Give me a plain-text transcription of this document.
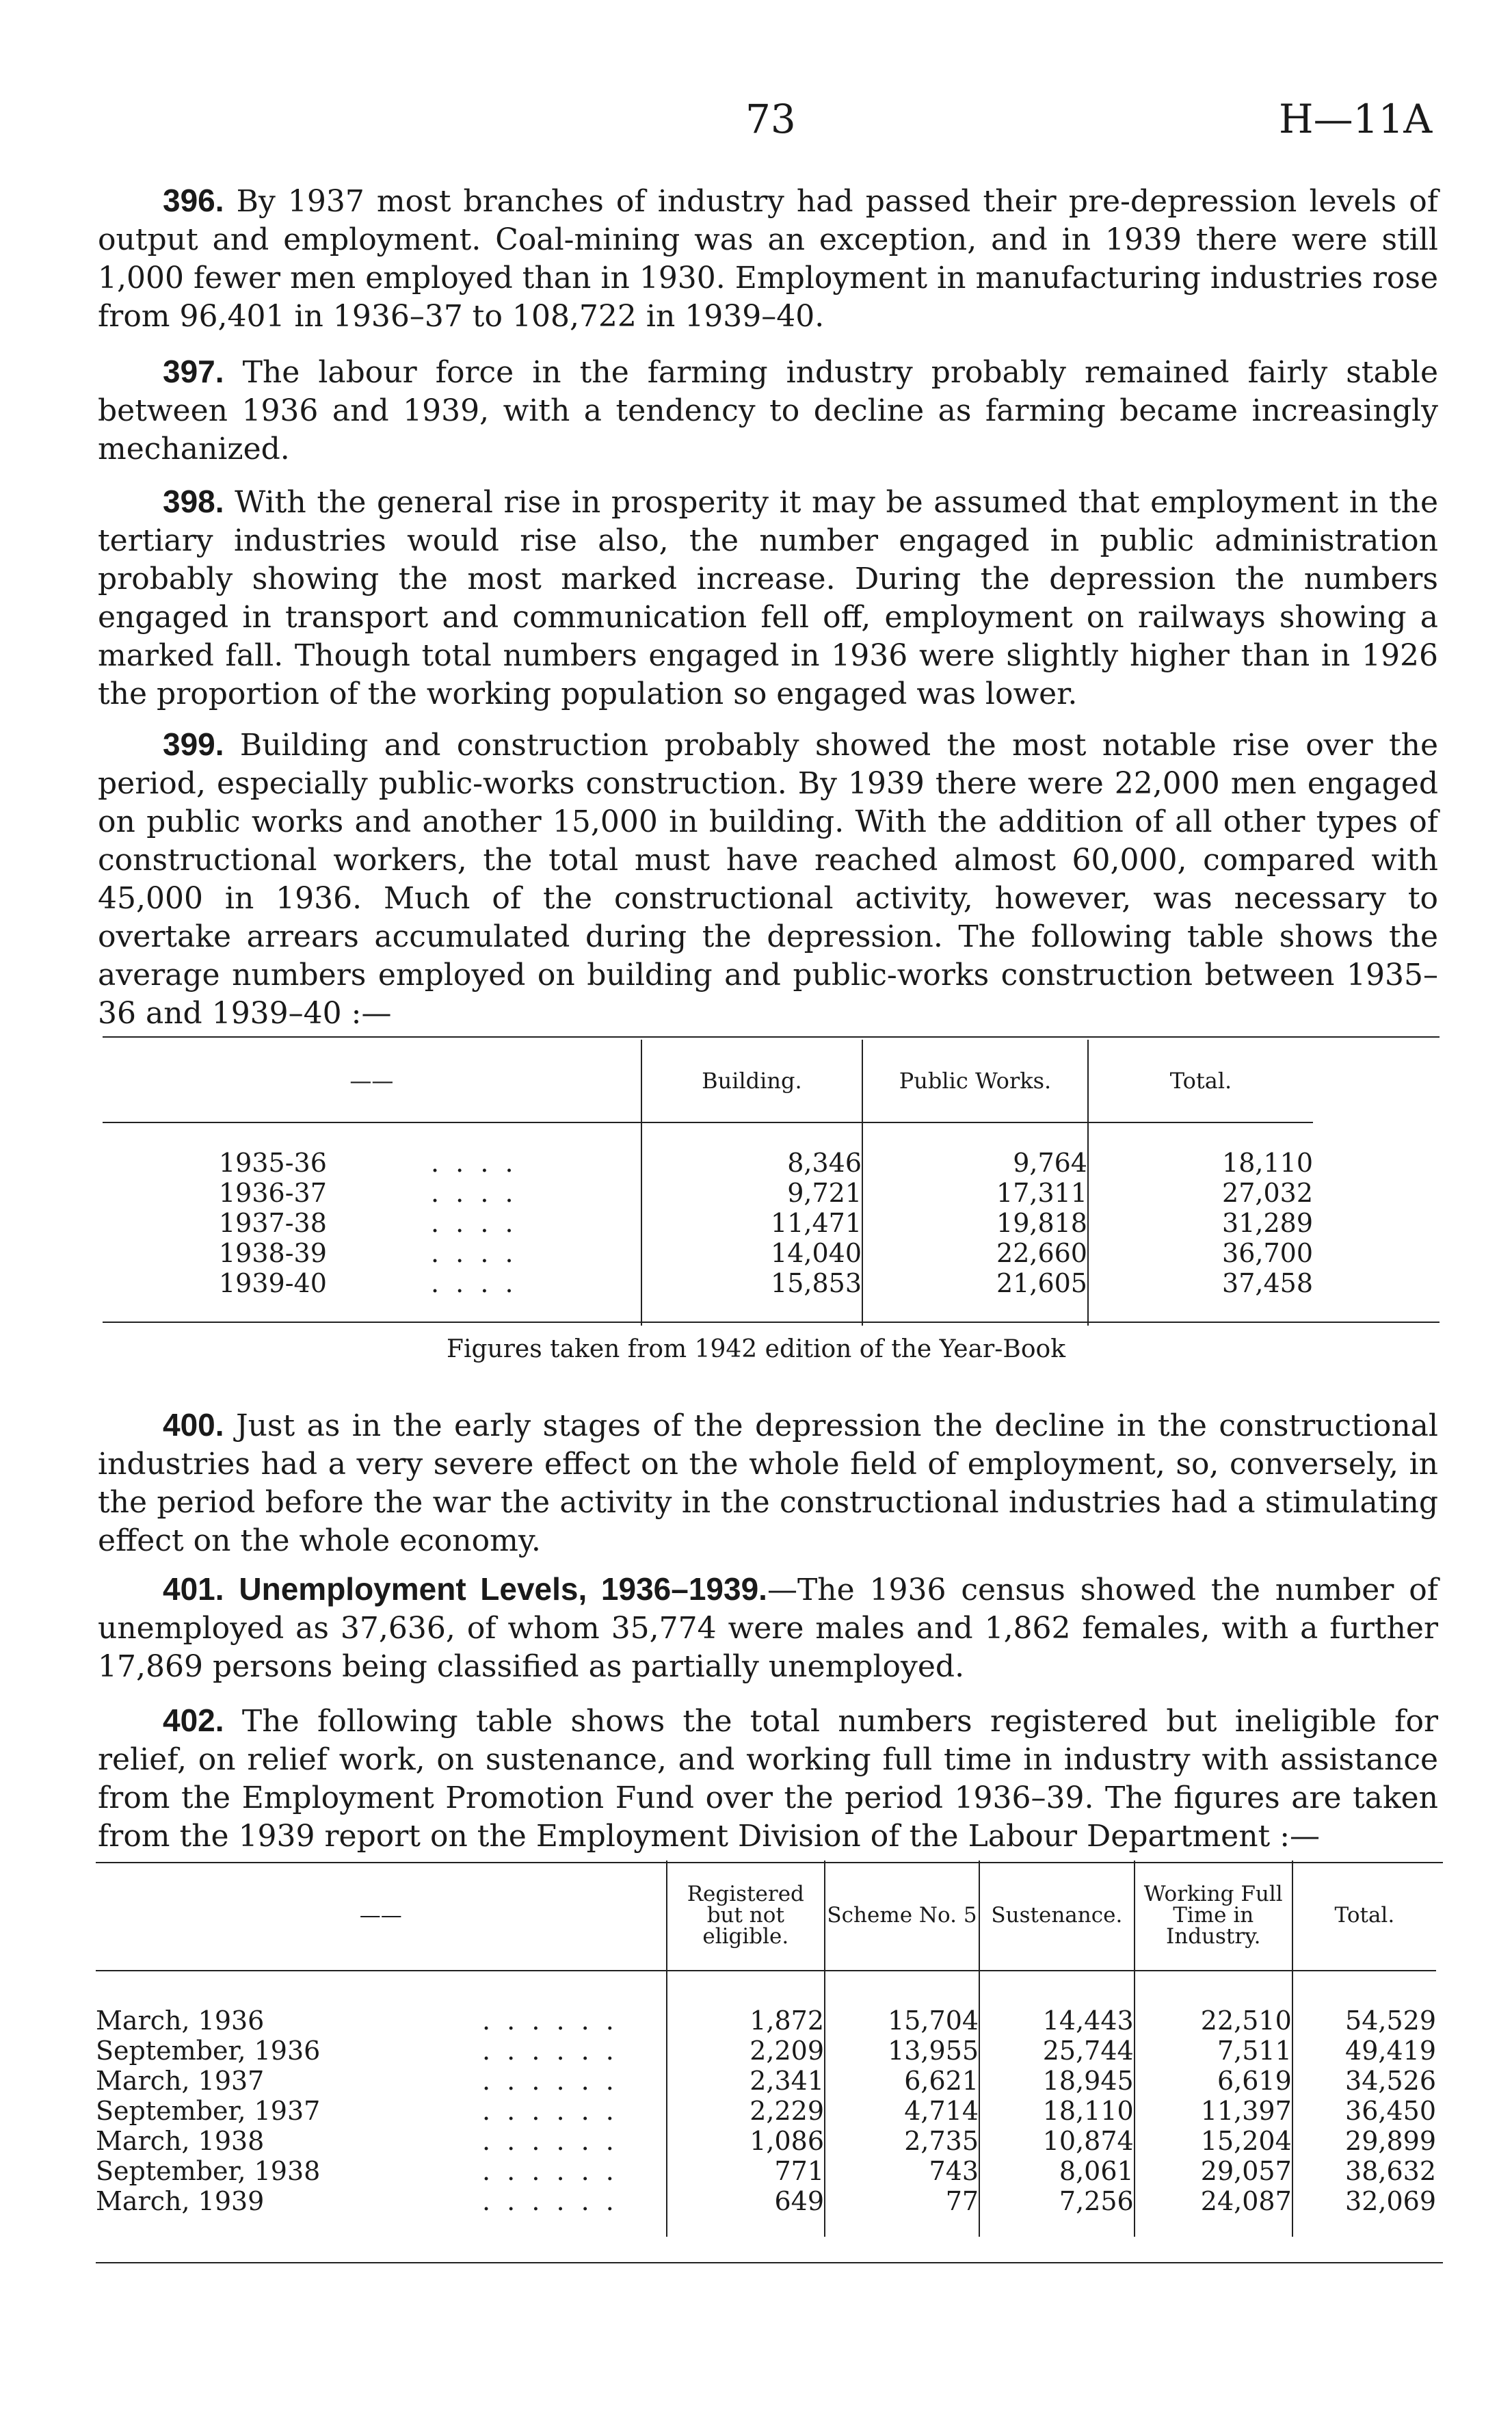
73	H—11A

396. By 1937 most branches of industry had passed their pre-depression levels of output and employment. Coal-mining was an exception, and in 1939 there were still 1,000 fewer men employed than in 1930. Employment in manufacturing industries rose from 96,401 in 1936–37 to 108,722 in 1939–40.

397. The labour force in the farming industry probably remained fairly stable between 1936 and 1939, with a tendency to decline as farming became increasingly mechanized.

398. With the general rise in prosperity it may be assumed that employment in the tertiary industries would rise also, the number engaged in public administration probably showing the most marked increase. During the depression the numbers engaged in transport and communication fell off, employment on railways showing a marked fall. Though total numbers engaged in 1936 were slightly higher than in 1926 the proportion of the working population so engaged was lower.

399. Building and construction probably showed the most notable rise over the period, especially public-works construction. By 1939 there were 22,000 men engaged on public works and another 15,000 in building. With the addition of all other types of constructional workers, the total must have reached almost 60,000, compared with 45,000 in 1936. Much of the constructional activity, however, was necessary to overtake arrears accumulated during the depression. The following table shows the average numbers employed on building and public-works construction between 1935–36 and 1939–40 :—

——	Building.	Public Works.	Total.

1935-36 . . . .	8,346	9,764	18,110
1936-37 . . . .	9,721	17,311	27,032
1937-38 . . . .	11,471	19,818	31,289
1938-39 . . . .	14,040	22,660	36,700
1939-40 . . . .	15,853	21,605	37,458

Figures taken from 1942 edition of the Year-Book

400. Just as in the early stages of the depression the decline in the constructional industries had a very severe effect on the whole field of employment, so, conversely, in the period before the war the activity in the constructional industries had a stimulating effect on the whole economy.

401. Unemployment Levels, 1936–1939.—The 1936 census showed the number of unemployed as 37,636, of whom 35,774 were males and 1,862 females, with a further 17,869 persons being classified as partially unemployed.

402. The following table shows the total numbers registered but ineligible for relief, on relief work, on sustenance, and working full time in industry with assistance from the Employment Promotion Fund over the period 1936–39. The figures are taken from the 1939 report on the Employment Division of the Labour Department :—

——	Registered but not eligible.	Scheme No. 5	Sustenance.	Working Full Time in Industry.	Total.

March, 1936 . . . . . .	1,872	15,704	14,443	22,510	54,529
September, 1936 . . . . . .	2,209	13,955	25,744	7,511	49,419
March, 1937 . . . . . .	2,341	6,621	18,945	6,619	34,526
September, 1937 . . . . . .	2,229	4,714	18,110	11,397	36,450
March, 1938 . . . . . .	1,086	2,735	10,874	15,204	29,899
September, 1938 . . . . . .	771	743	8,061	29,057	38,632
March, 1939 . . . . . .	649	77	7,256	24,087	32,069
